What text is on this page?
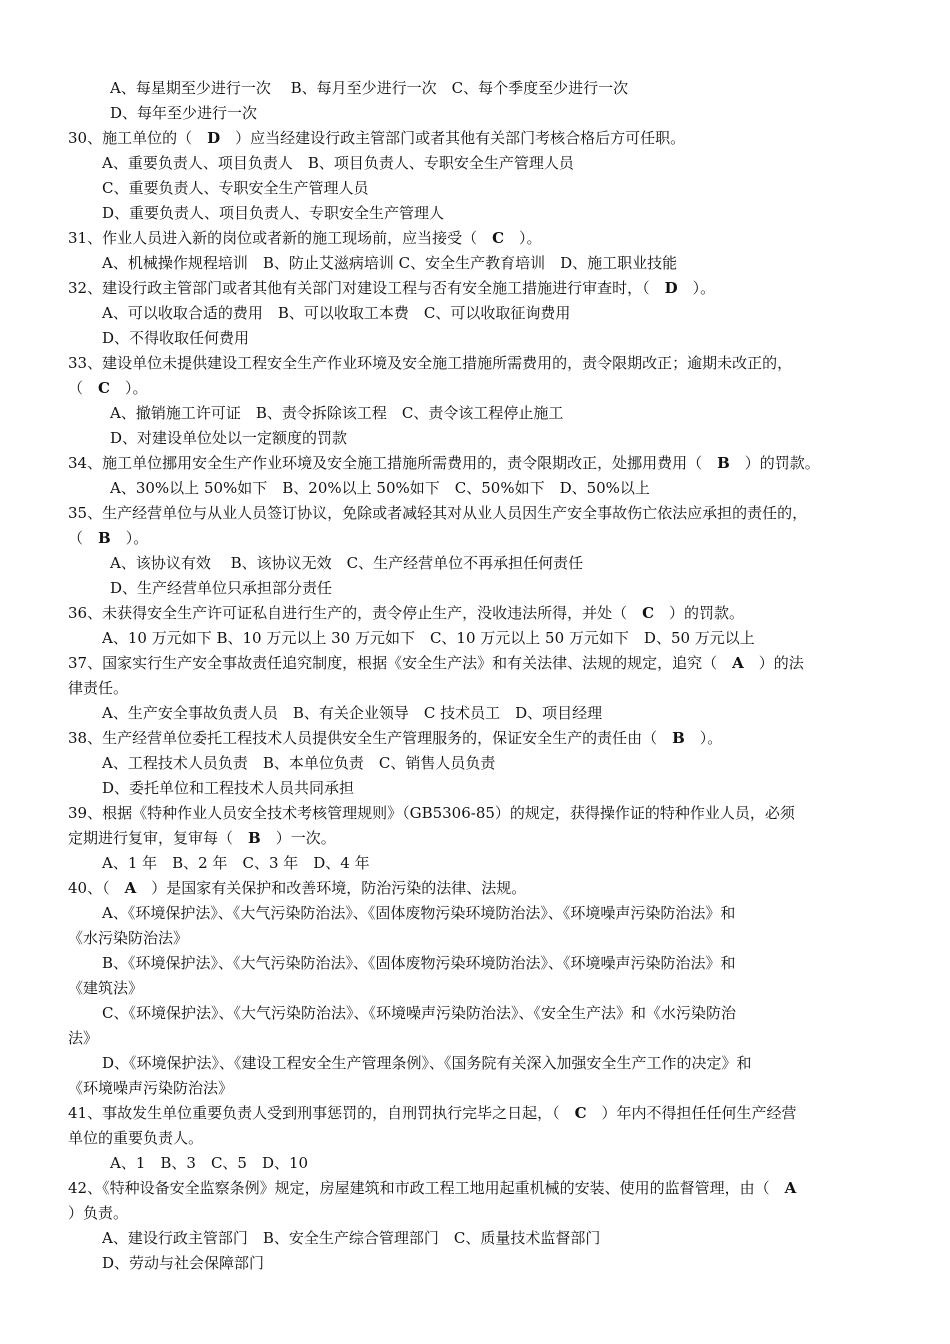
A、每星期至少进行一次　 B、每月至少进行一次　C、每个季度至少进行一次
D、每年至少进行一次
30、施工单位的（　D　）应当经建设行政主管部门或者其他有关部门考核合格后方可任职。
A、重要负责人、项目负责人　B、项目负责人、专职安全生产管理人员
C、重要负责人、专职安全生产管理人员
D、重要负责人、项目负责人、专职安全生产管理人
31、作业人员进入新的岗位或者新的施工现场前，应当接受（　C　）。
A、机械操作规程培训　B、防止艾滋病培训 C、安全生产教育培训　D、施工职业技能
32、建设行政主管部门或者其他有关部门对建设工程与否有安全施工措施进行审查时，（　D　）。
A、可以收取合适的费用　B、可以收取工本费　C、可以收取征询费用
D、不得收取任何费用
33、建设单位未提供建设工程安全生产作业环境及安全施工措施所需费用的，责令限期改正；逾期未改正的，
（　C　）。
A、撤销施工许可证　B、责令拆除该工程　C、责令该工程停止施工
D、对建设单位处以一定额度的罚款
34、施工单位挪用安全生产作业环境及安全施工措施所需费用的，责令限期改正，处挪用费用（　B　）的罚款。
A、30%以上 50%如下　B、20%以上 50%如下　C、50%如下　D、50%以上
35、生产经营单位与从业人员签订协议，免除或者减轻其对从业人员因生产安全事故伤亡依法应承担的责任的，
（　B　）。
A、该协议有效　 B、该协议无效　C、生产经营单位不再承担任何责任
D、生产经营单位只承担部分责任
36、未获得安全生产许可证私自进行生产的，责令停止生产，没收违法所得，并处（　C　）的罚款。
A、10 万元如下 B、10 万元以上 30 万元如下　C、10 万元以上 50 万元如下　D、50 万元以上
37、国家实行生产安全事故责任追究制度，根据《安全生产法》和有关法律、法规的规定，追究（　A　）的法
律责任。
A、生产安全事故负责人员　B、有关企业领导　C 技术员工　D、项目经理
38、生产经营单位委托工程技术人员提供安全生产管理服务的，保证安全生产的责任由（　B　）。
A、工程技术人员负责　B、本单位负责　C、销售人员负责
D、委托单位和工程技术人员共同承担
39、根据《特种作业人员安全技术考核管理规则》（GB5306-85）的规定，获得操作证的特种作业人员，必须
定期进行复审，复审每（　B　）一次。
A、1 年　B、2 年　C、3 年　D、4 年
40、（　A　）是国家有关保护和改善环境，防治污染的法律、法规。
A、《环境保护法》、《大气污染防治法》、《固体废物污染环境防治法》、《环境噪声污染防治法》和
《水污染防治法》
B、《环境保护法》、《大气污染防治法》、《固体废物污染环境防治法》、《环境噪声污染防治法》和
《建筑法》
C、《环境保护法》、《大气污染防治法》、《环境噪声污染防治法》、《安全生产法》和《水污染防治
法》
D、《环境保护法》、《建设工程安全生产管理条例》、《国务院有关深入加强安全生产工作的决定》和
《环境噪声污染防治法》
41、事故发生单位重要负责人受到刑事惩罚的，自刑罚执行完毕之日起，（　C　）年内不得担任任何生产经营
单位的重要负责人。
A、1　B、3　C、5　D、10
42、《特种设备安全监察条例》规定，房屋建筑和市政工程工地用起重机械的安装、使用的监督管理，由（　A
）负责。
A、建设行政主管部门　B、安全生产综合管理部门　C、质量技术监督部门
D、劳动与社会保障部门
